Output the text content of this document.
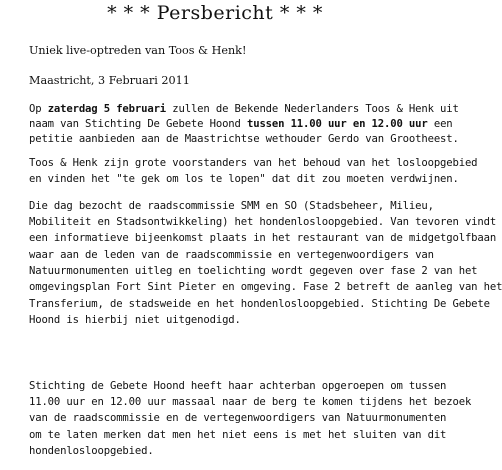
* * * Persbericht * * *
Uniek live-optreden van Toos & Henk!
Maastricht, 3 Februari 2011
Op zaterdag 5 februari zullen de Bekende Nederlanders Toos & Henk uit
naam van Stichting De Gebete Hoond tussen 11.00 uur en 12.00 uur een
petitie aanbieden aan de Maastrichtse wethouder Gerdo van Grootheest.
Toos & Henk zijn grote voorstanders van het behoud van het losloopgebied
en vinden het "te gek om los te lopen" dat dit zou moeten verdwijnen.
Die dag bezocht de raadscommissie SMM en SO (Stadsbeheer, Milieu,
Mobiliteit en Stadsontwikkeling) het hondenlosloopgebied. Van tevoren vindt
een informatieve bijeenkomst plaats in het restaurant van de midgetgolfbaan
waar aan de leden van de raadscommissie en vertegenwoordigers van
Natuurmonumenten uitleg en toelichting wordt gegeven over fase 2 van het
omgevingsplan Fort Sint Pieter en omgeving. Fase 2 betreft de aanleg van het
Transferium, de stadsweide en het hondenlosloopgebied. Stichting De Gebete
Hoond is hierbij niet uitgenodigd.
Stichting de Gebete Hoond heeft haar achterban opgeroepen om tussen
11.00 uur en 12.00 uur massaal naar de berg te komen tijdens het bezoek
van de raadscommissie en de vertegenwoordigers van Natuurmonumenten
om te laten merken dat men het niet eens is met het sluiten van dit
hondenlosloopgebied.
